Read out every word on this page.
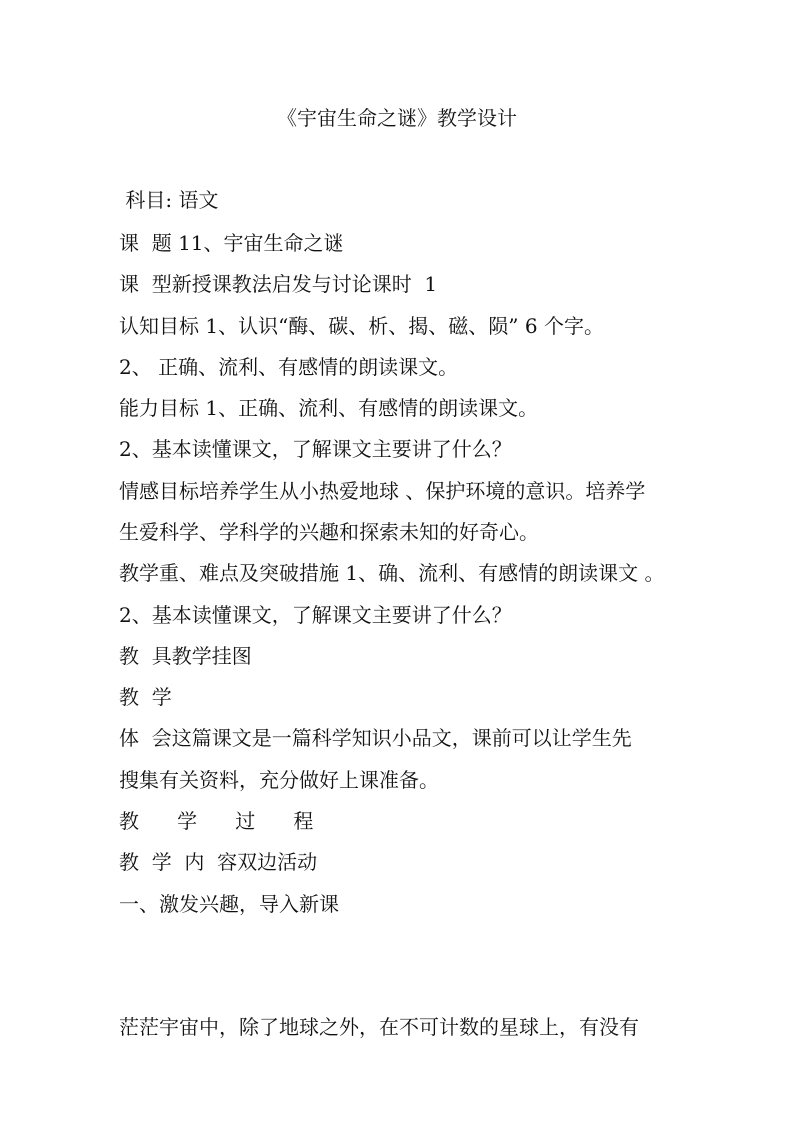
《宇宙生命之谜》教学设计
科目: 语文
课  题 11、宇宙生命之谜
课  型新授课教法启发与讨论课时  1
认知目标 1、认识“酶、碳、析、揭、磁、陨” 6 个字。
2、 正确、流利、有感情的朗读课文。
能力目标 1、正确、流利、有感情的朗读课文。
2、基本读懂课文，了解课文主要讲了什么？
情感目标培养学生从小热爱地球 、保护环境的意识。培养学
生爱科学、学科学的兴趣和探索未知的好奇心。
教学重、难点及突破措施 1、确、流利、有感情的朗读课文 。
2、基本读懂课文，了解课文主要讲了什么？
教  具教学挂图
教  学
体  会这篇课文是一篇科学知识小品文，课前可以让学生先
搜集有关资料，充分做好上课准备。
教      学      过      程
教  学  内  容双边活动
一、激发兴趣，导入新课
茫茫宇宙中，除了地球之外，在不可计数的星球上，有没有
